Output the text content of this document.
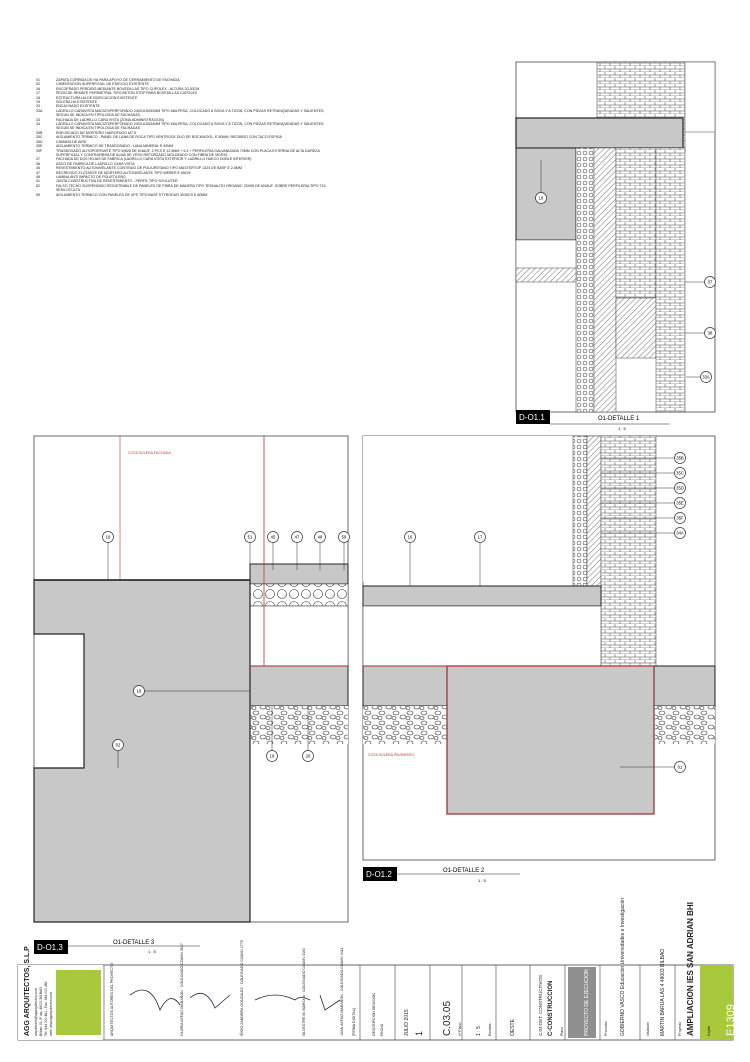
01	ZAPATA CORRIDA DE HA PARA APOYO DE CERRAMIENTO DE FACHADA
02	CIMENTACION SUPERFICIAL DE EDIFICIO EXISTENTE
16	ENCOFRADO PERDIDO MEDIANTE BOVEDILLAS TIPO CUPOLEX - ALTURA 20-30CM
17	PEZIN DE REMATE PERIMETRAL TIPO BETON STOP PARA BOVEDILLAS CUPOLEX
18	ESTRUCTURA HA DE EDIFICACION EXISTENTE
19	SOLERA HA EXISTENTE
20	ENCACHADO EXISTENTE
33A	LADRILLO CARAVISTA MACIZO/PERFORADO 240X115X52MM TIPO MALPESA, COLOCADO A SOGA Y A TIZON, CON PIEZAS RETRANQUEADAS Y SALIENTES, SEGUN SE INDICA EN TIPOLOGIA DE FACHADAS
33	FACHADA DE LADRILLO CARA VISTA (ZONA ADMINISTRACION)
34	LADRILLO CARAVISTA MACIZO/PERFORADO 240X115X52MM TIPO MALPESA, COLOCADO A SOGA Y A TIZON, CON PIEZAS RETRANQUEADAS Y SALIENTES, SEGUN SE INDICA EN TIPOLOGIA DE FACHADAS
35B	ENFOSCADO DE MORTERO HIDROFUGO M7.5
35C	AISLAMIENTO TERMICO - PANEL DE LANA DE ROCA TIPO VENTROCK DUO DE ROCKWOOL, E 80MM, RECIBIDO CON TACO ESPIGA
35D	CAMARA DE AIRE
35E	AISLAMIENTO TERMICO DE TRASDOSADO - LANA MINERAL E 40MM
35F	TRASDOSADO AUTOPORTANTE TIPO W628 DE KNAUF, 2 PCS E 12.5MM + 6.4 + PERFILERIA GALVANIZADA 70MM CON PLACA EXTERNA DE ALTA DUREZA SUPERFICIAL Y CONTRAFIBRA DE ALMA DE YESO REFORZADO MOLDEADO CON FIBRA DE VIDRIO
37	FACHADA DE DOS HOJAS DE FABRICA (LADRILLO CARA VISTA EXTERIOR Y LADRILLO HUECO DOBLE INTERIOR)
38	ASCO DE FABRICA DE LADRILLO CARA VISTA
45	REVESTIMIENTO AUTONIVELANTE CONTINUO DE POLIURETANO TIPO MASTERTOP 1324 DE BASF E 2.5MM
47	RECRECIDO FLOTANTE DE MORTERO AUTONIVELANTE TIPO WEBER E 65CM
48	LAMINA ANTI IMPACTO DE POLIETILENO
51	JUNTA CONSTRUCTIVA DE REVESTIMIENTO - PERFIL TIPO SCHLUTER
52	FALSO TECHO SUSPENDIDO REGISTRABLE DE PANELES DE FIBRA DE MADERA TIPO TEKNALITH ORGANIC 25X95 DE KNAUF, SOBRE PERFILERIA TIPO T24 SEMI-OCULTA
59	AISLAMIENTO TERMICO CON PANELES DE XPS TIPO BASF STYRODUR 3035CS E 80MM
COTA SOLERA PAVIMENTO
COTA SOLERA FACHADA
D-O1.1	O1-DETALLE 1
1 : 5
D-O1.2	O1-DETALLE 2
1 : 5
D-O1.3	O1-DETALLE 3
1 : 5
18
37
38
33A
16	17
35B
35C
35D
35E
35F
34A
01
19	51	45	47	48	59
18
02
19	20
E1309
Expte
AMPLIACION IES SAN ADRIAN BHI
Proyecto
MARTIN BARUA LAS 4 48003 BILBAO
situación
GOBIERNO VASCO Educación Universidades e Investigación
Promotor
PROYECTO DE EJECUCION
Plano
C-CONSTRUCCION
C.03-DET. CONSTRUCTIVOS
OESTE
Escalas
1 : 5
nº Plano
C.03.05
1
JULIO 2015
DESCRIPCION REVISION FECHA
[FIRMA DIGITAL]
ARQUITECTOS AUTORES DEL PROYECTO	GLORIA AFFAIZ MARAÑON · COLEGIADO COAVN 3647	IÑIGO ZABORRA GONZALEZ · COLEGIADO COAVN 2775	SILVESTRE M. MARCHA · COLEGIADO COAVN 3104	JUAN AFFAIZ MARAÑON · COLEGIADO COAVN 3411
AGG ARQUITECTOS, S.L.P arquitectos@agarquitectos.com Bilbao 15, 3º izq. 48001 BILBAO Tel. 944 000 481 - Fax. 944 000 482 web: www.agarquitectos.com
